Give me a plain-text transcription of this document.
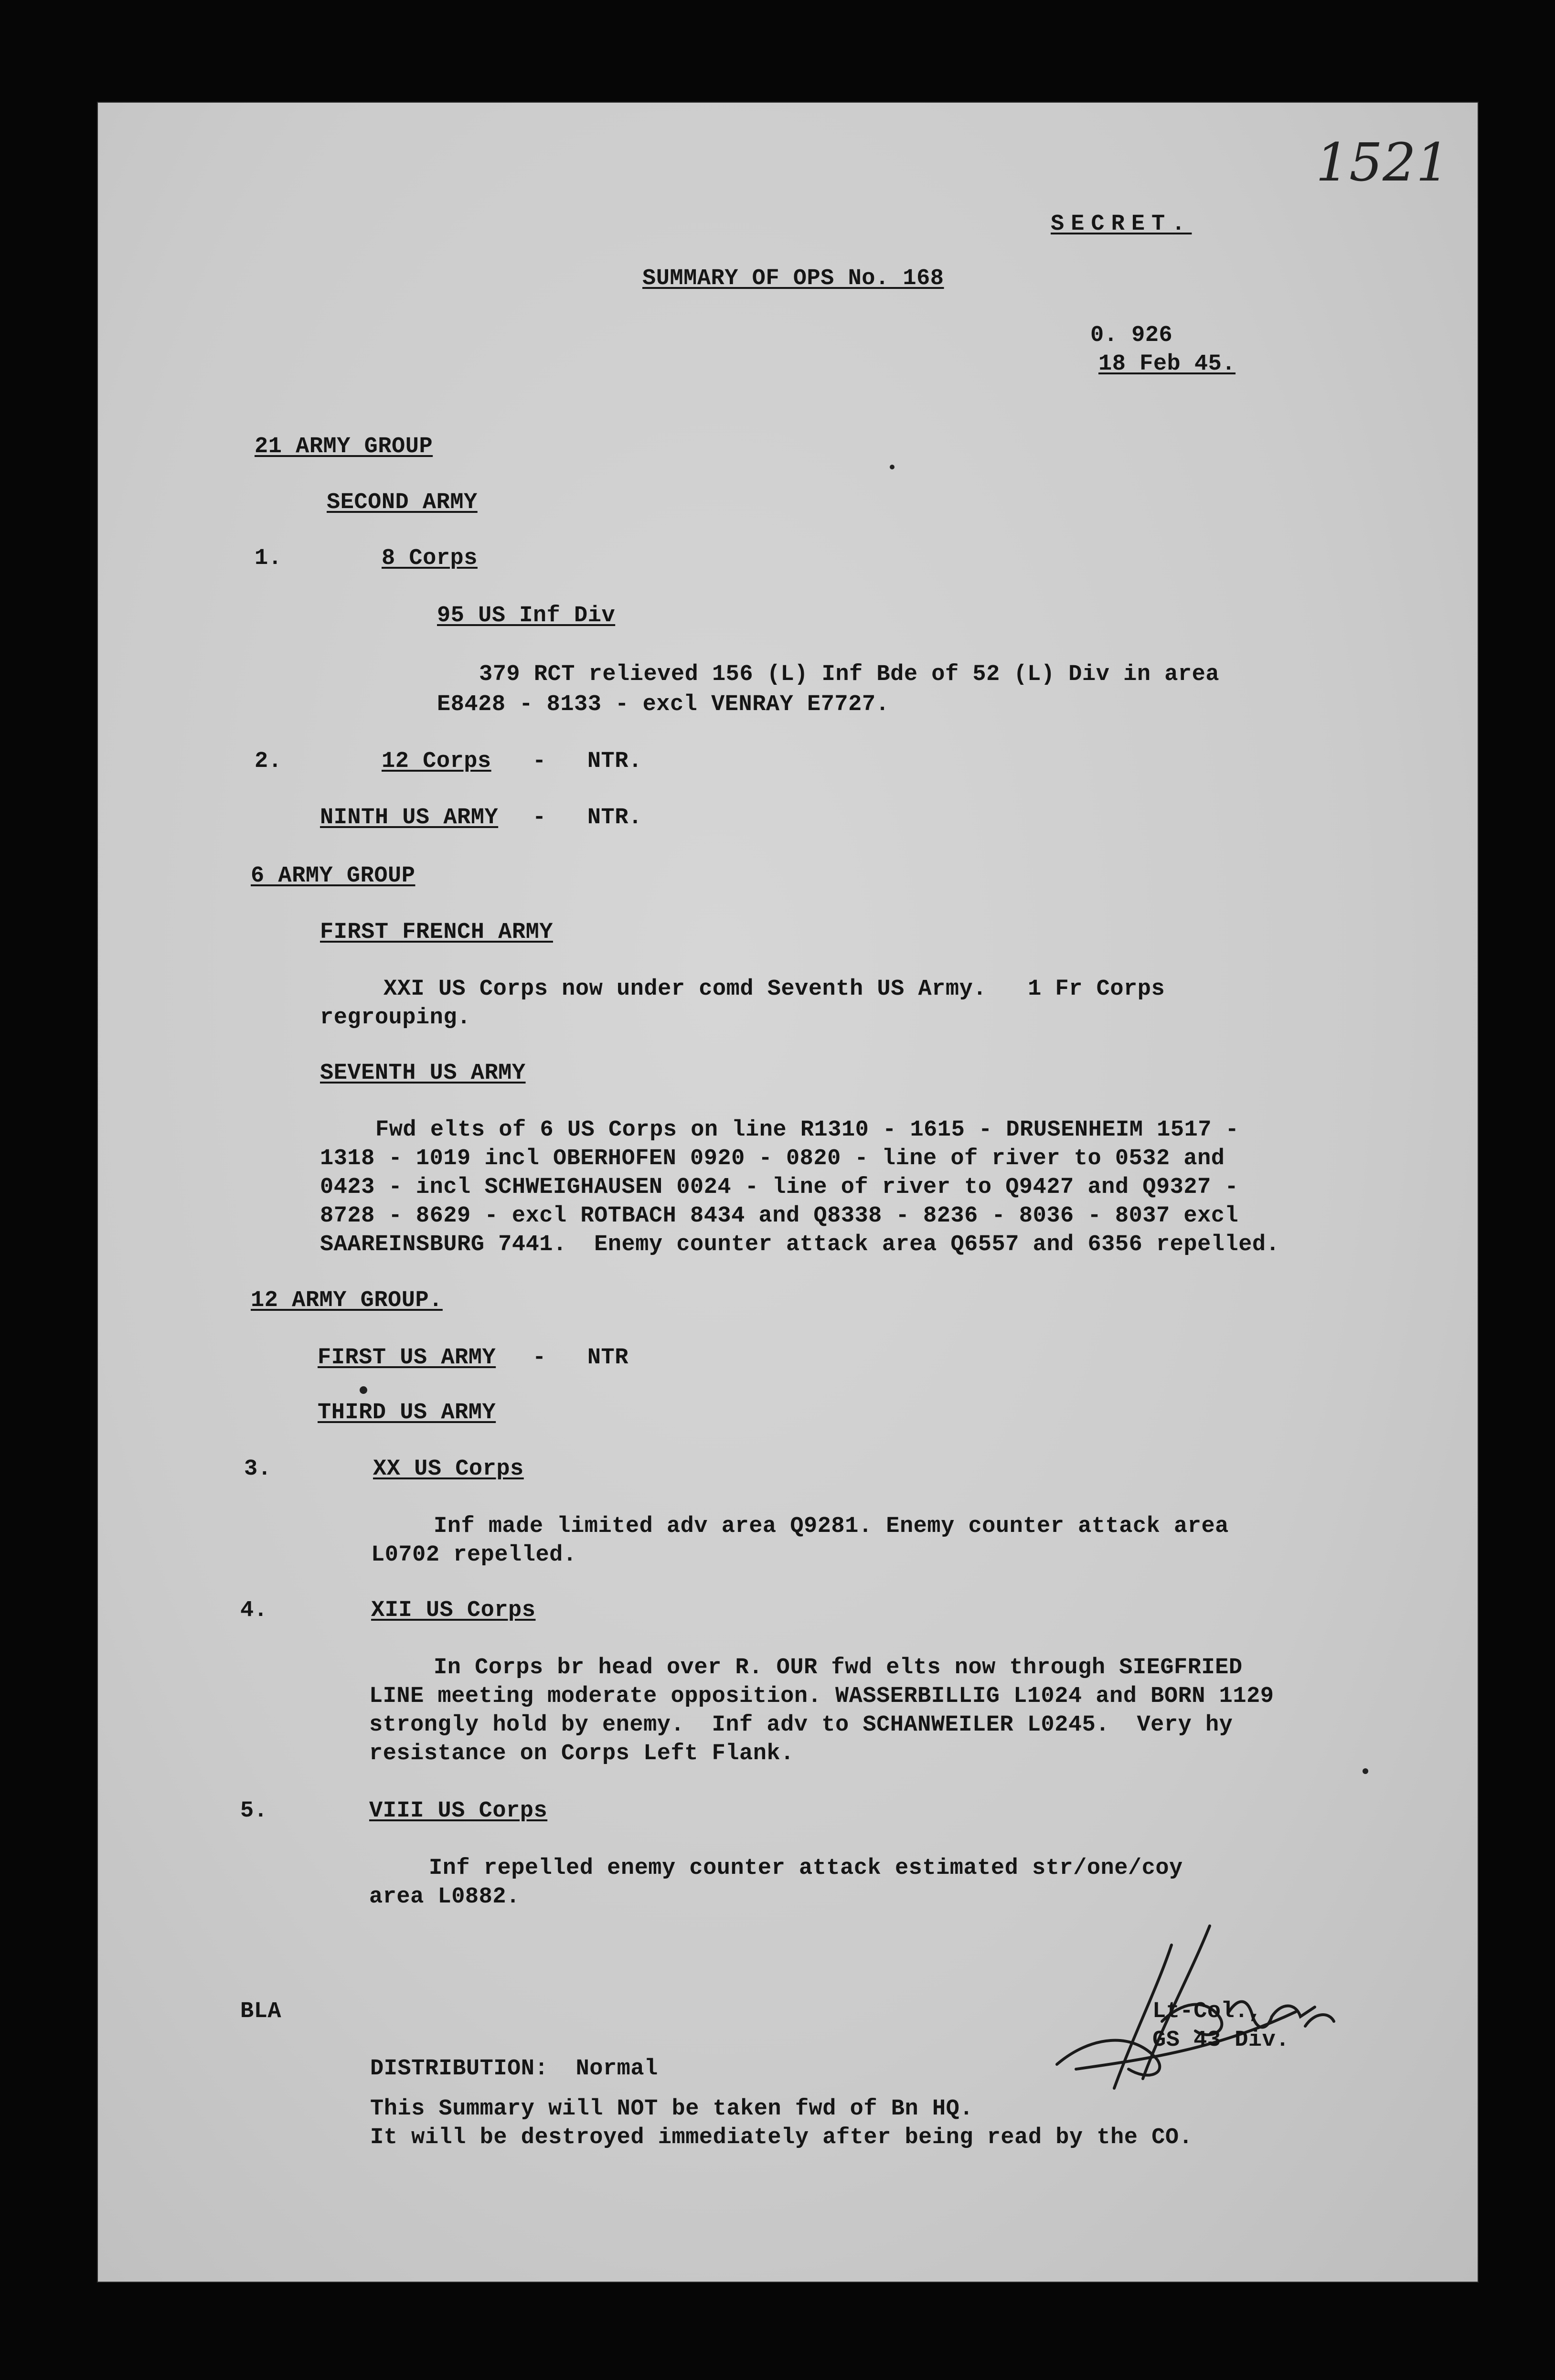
1521
SECRET.
SUMMARY OF OPS No. 168
0. 926
18 Feb 45.
21 ARMY GROUP
SECOND ARMY
1.	8 Corps
95 US Inf Div
379 RCT relieved 156 (L) Inf Bde of 52 (L) Div in area
E8428 - 8133 - excl VENRAY E7727.
2.	12 Corps -   NTR.
NINTH US ARMY -   NTR.
6 ARMY GROUP
FIRST FRENCH ARMY
XXI US Corps now under comd Seventh US Army.   1 Fr Corps
regrouping.
SEVENTH US ARMY
Fwd elts of 6 US Corps on line R1310 - 1615 - DRUSENHEIM 1517 -
1318 - 1019 incl OBERHOFEN 0920 - 0820 - line of river to 0532 and
0423 - incl SCHWEIGHAUSEN 0024 - line of river to Q9427 and Q9327 -
8728 - 8629 - excl ROTBACH 8434 and Q8338 - 8236 - 8036 - 8037 excl
SAAREINSBURG 7441.  Enemy counter attack area Q6557 and 6356 repelled.
12 ARMY GROUP.
FIRST US ARMY -   NTR
THIRD US ARMY
3.	XX US Corps
Inf made limited adv area Q9281. Enemy counter attack area
L0702 repelled.
4.	XII US Corps
In Corps br head over R. OUR fwd elts now through SIEGFRIED
LINE meeting moderate opposition. WASSERBILLIG L1024 and BORN 1129
strongly hold by enemy.  Inf adv to SCHANWEILER L0245.  Very hy
resistance on Corps Left Flank.
5.	VIII US Corps
Inf repelled enemy counter attack estimated str/one/coy
area L0882.
BLA	Lt-Col.,
GS 43 Div.
DISTRIBUTION:  Normal
This Summary will NOT be taken fwd of Bn HQ.
It will be destroyed immediately after being read by the CO.
